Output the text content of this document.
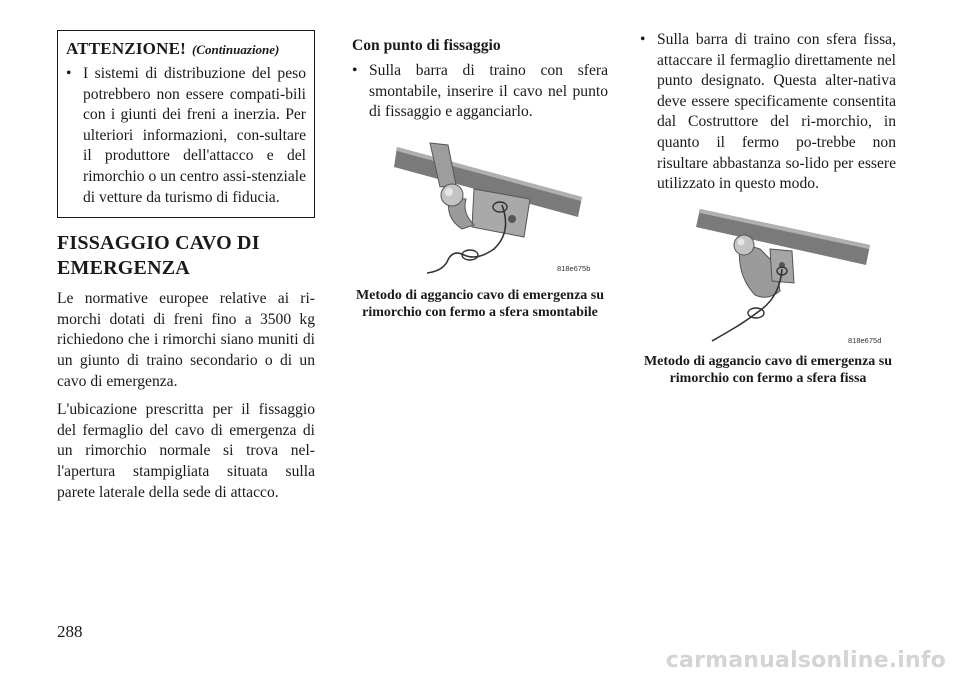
ATTENZIONE! (Continuazione)
• I sistemi di distribuzione del peso potrebbero non essere compati-bili con i giunti dei freni a inerzia. Per ulteriori informazioni, con-sultare il produttore dell'attacco e del rimorchio o un centro assi-stenziale di vetture da turismo di fiducia.
FISSAGGIO CAVO DI EMERGENZA

Le normative europee relative ai ri-morchi dotati di freni fino a 3500 kg richiedono che i rimorchi siano muniti di un giunto di traino secondario o di un cavo di emergenza.

L'ubicazione prescritta per il fissaggio del fermaglio del cavo di emergenza di un rimorchio normale si trova nel-l'apertura stampigliata situata sulla parete laterale della sede di attacco.

Con punto di fissaggio
• Sulla barra di traino con sfera smontabile, inserire il cavo nel punto di fissaggio e agganciarlo.
818e675b
Metodo di aggancio cavo di emergenza su rimorchio con fermo a sfera smontabile
• Sulla barra di traino con sfera fissa, attaccare il fermaglio direttamente nel punto designato. Questa alter-nativa deve essere specificamente consentita dal Costruttore del ri-morchio, in quanto il fermo po-trebbe non risultare abbastanza so-lido per essere utilizzato in questo modo.
818e675d
Metodo di aggancio cavo di emergenza su rimorchio con fermo a sfera fissa
288
carmanualsonline.info
